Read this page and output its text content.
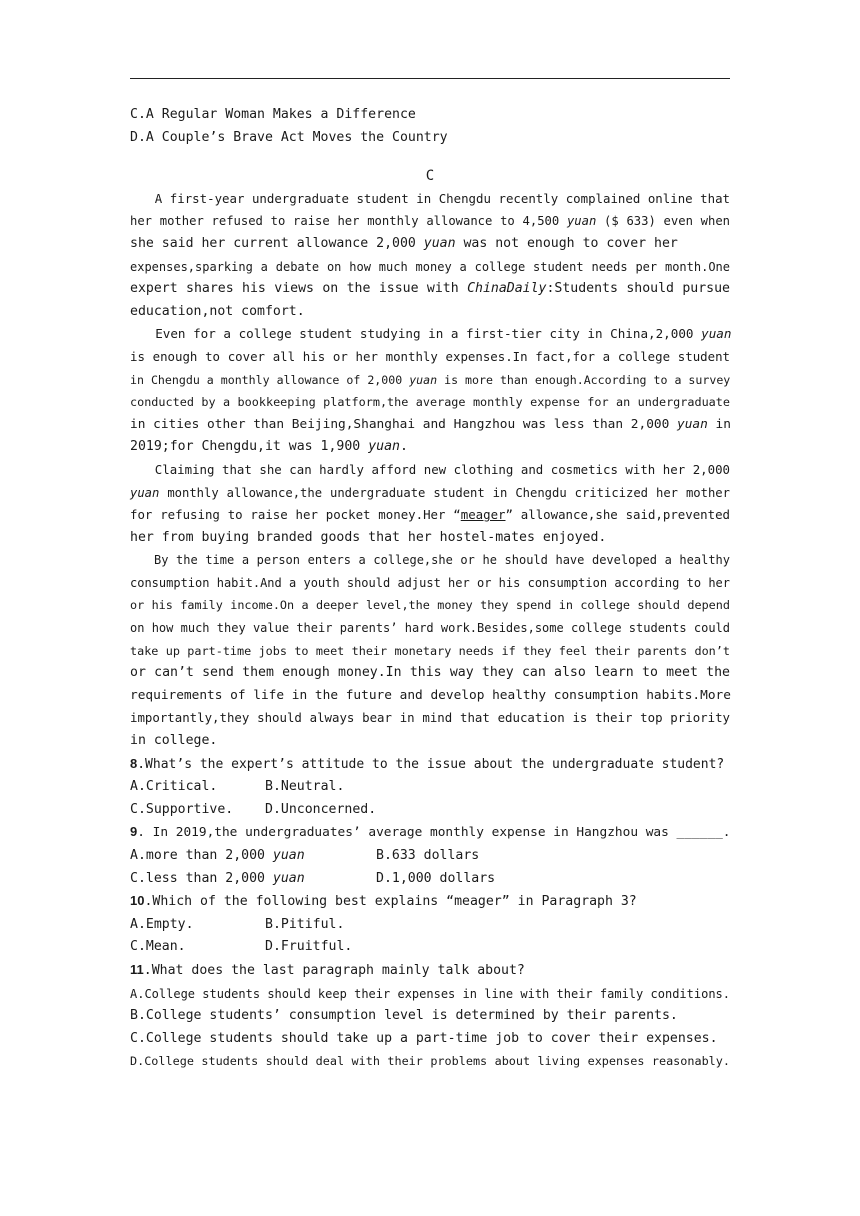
C.A Regular Woman Makes a Difference
D.A Couple’s Brave Act Moves the Country
C
A first-year undergraduate student in Chengdu recently complained online that
her mother refused to raise her monthly allowance to 4,500 yuan ($ 633) even when
she said her current allowance 2,000 yuan was not enough to cover her
expenses,sparking a debate on how much money a college student needs per month.One
expert shares his views on the issue with ChinaDaily:Students should pursue
education,not comfort.
Even for a college student studying in a first-tier city in China,2,000 yuan
is enough to cover all his or her monthly expenses.In fact,for a college student
in Chengdu a monthly allowance of 2,000 yuan is more than enough.According to a survey
conducted by a bookkeeping platform,the average monthly expense for an undergraduate
in cities other than Beijing,Shanghai and Hangzhou was less than 2,000 yuan in
2019;for Chengdu,it was 1,900 yuan.
Claiming that she can hardly afford new clothing and cosmetics with her 2,000
yuan monthly allowance,the undergraduate student in Chengdu criticized her mother
for refusing to raise her pocket money.Her “meager” allowance,she said,prevented
her from buying branded goods that her hostel-mates enjoyed.
By the time a person enters a college,she or he should have developed a healthy
consumption habit.And a youth should adjust her or his consumption according to her
or his family income.On a deeper level,the money they spend in college should depend
on how much they value their parents’ hard work.Besides,some college students could
take up part-time jobs to meet their monetary needs if they feel their parents don’t
or can’t send them enough money.In this way they can also learn to meet the
requirements of life in the future and develop healthy consumption habits.More
importantly,they should always bear in mind that education is their top priority
in college.
8.What’s the expert’s attitude to the issue about the undergraduate student?
A.Critical.	B.Neutral.
C.Supportive.	D.Unconcerned.
9. In 2019,the undergraduates’ average monthly expense in Hangzhou was ______.
A.more than 2,000 yuan	B.633 dollars
C.less than 2,000 yuan	D.1,000 dollars
10.Which of the following best explains “meager” in Paragraph 3?
A.Empty.	B.Pitiful.
C.Mean.	D.Fruitful.
11.What does the last paragraph mainly talk about?
A.College students should keep their expenses in line with their family conditions.
B.College students’ consumption level is determined by their parents.
C.College students should take up a part-time job to cover their expenses.
D.College students should deal with their problems about living expenses reasonably.
